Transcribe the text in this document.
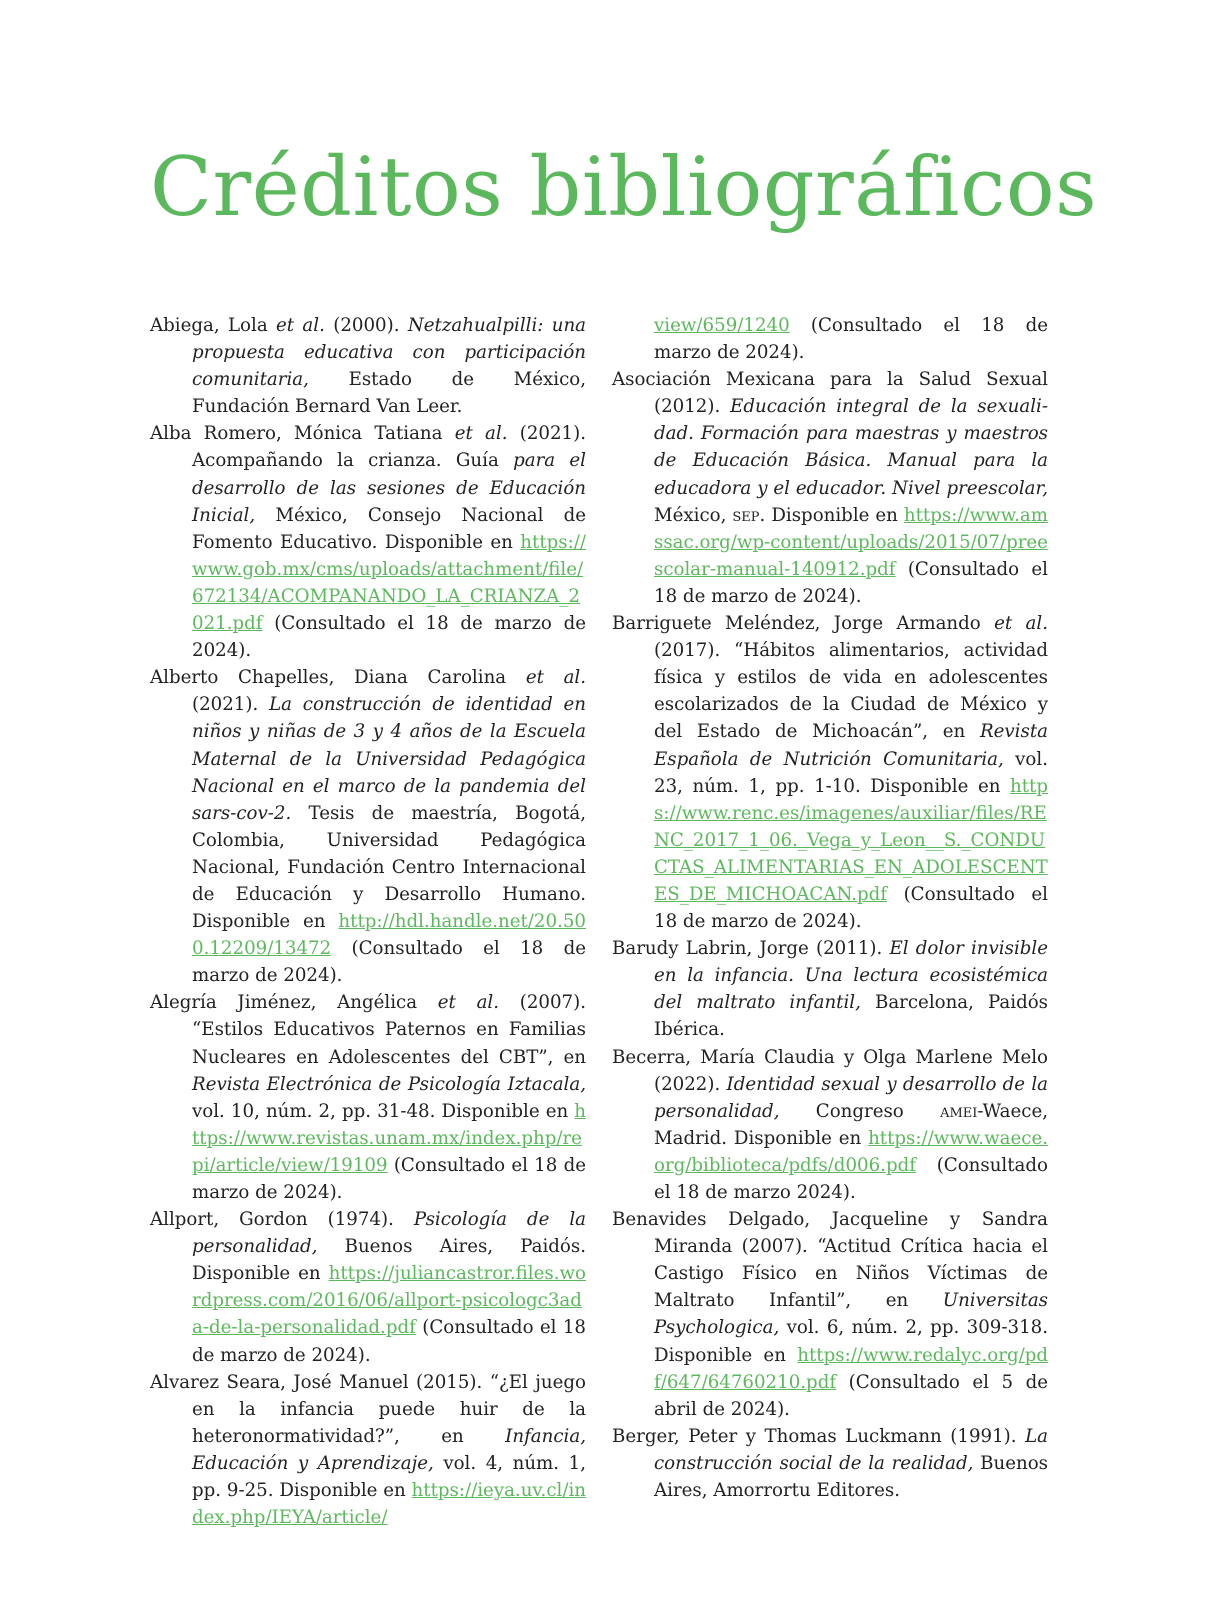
Créditos bibliográficos

Abiega, Lola et al. (2000). Netzahualpilli: una propuesta educativa con participación comunitaria, Estado de México, Fundación Bernard Van Leer.

Alba Romero, Mónica Tatiana et al. (2021). Acompañando la crianza. Guía para el desarrollo de las sesiones de Educación Inicial, México, Consejo Nacional de Fomento Educativo. Disponible en https://www.gob.mx/cms/uploads/attachment/file/672134/ACOMPANANDO_LA_CRIANZA_2021.pdf (Consultado el 18 de marzo de 2024).

Alberto Chapelles, Diana Carolina et al. (2021). La construcción de identidad en niños y niñas de 3 y 4 años de la Escuela Maternal de la Universidad Pedagógica Nacional en el marco de la pandemia del sars-cov-2. Tesis de maestría, Bogotá, Colombia, Universidad Pedagógica Nacional, Fundación Centro Internacional de Educación y Desarrollo Humano. Disponible en http://hdl.handle.net/20.500.12209/13472 (Consultado el 18 de marzo de 2024).

Alegría Jiménez, Angélica et al. (2007). “Estilos Educativos Paternos en Familias Nucleares en Adolescentes del CBT”, en Revista Electrónica de Psicología Iztacala, vol. 10, núm. 2, pp. 31-48. Disponible en https://www.revistas.unam.mx/index.php/repi/article/view/19109 (Consultado el 18 de marzo de 2024).

Allport, Gordon (1974). Psicología de la personalidad, Buenos Aires, Paidós. Disponible en https://juliancastror.files.wordpress.com/2016/06/allport-psicologc3ada-de-la-personalidad.pdf (Consultado el 18 de marzo de 2024).

Alvarez Seara, José Manuel (2015). “¿El juego en la infancia puede huir de la heteronormatividad?”, en Infancia, Educación y Aprendizaje, vol. 4, núm. 1, pp. 9-25. Disponible en https://ieya.uv.cl/index.php/IEYA/article/

view/659/1240 (Consultado el 18 de marzo de 2024).

Asociación Mexicana para la Salud Sexual (2012). Educación integral de la sexualidad. Formación para maestras y maestros de Educación Básica. Manual para la educadora y el educador. Nivel preescolar, México, sep. Disponible en https://www.amssac.org/wp-content/uploads/2015/07/preescolar-manual-140912.pdf (Consultado el 18 de marzo de 2024).

Barriguete Meléndez, Jorge Armando et al. (2017). “Hábitos alimentarios, actividad física y estilos de vida en adolescentes escolarizados de la Ciudad de México y del Estado de Michoacán”, en Revista Española de Nutrición Comunitaria, vol. 23, núm. 1, pp. 1-10. Disponible en https://www.renc.es/imagenes/auxiliar/files/RENC_2017_1_06._Vega_y_Leon__S._CONDUCTAS_ALIMENTARIAS_EN_ADOLESCENTES_DE_MICHOACAN.pdf (Consultado el 18 de marzo de 2024).

Barudy Labrin, Jorge (2011). El dolor invisible en la infancia. Una lectura ecosistémica del maltrato infantil, Barcelona, Paidós Ibérica.

Becerra, María Claudia y Olga Marlene Melo (2022). Identidad sexual y desarrollo de la personalidad, Congreso amei-Waece, Madrid. Disponible en https://www.waece.org/biblioteca/pdfs/d006.pdf (Consultado el 18 de marzo 2024).

Benavides Delgado, Jacqueline y Sandra Miranda (2007). “Actitud Crítica hacia el Castigo Físico en Niños Víctimas de Maltrato Infantil”, en Universitas Psychologica, vol. 6, núm. 2, pp. 309-318. Disponible en https://www.redalyc.org/pdf/647/64760210.pdf (Consultado el 5 de abril de 2024).

Berger, Peter y Thomas Luckmann (1991). La construcción social de la realidad, Buenos Aires, Amorrortu Editores.
